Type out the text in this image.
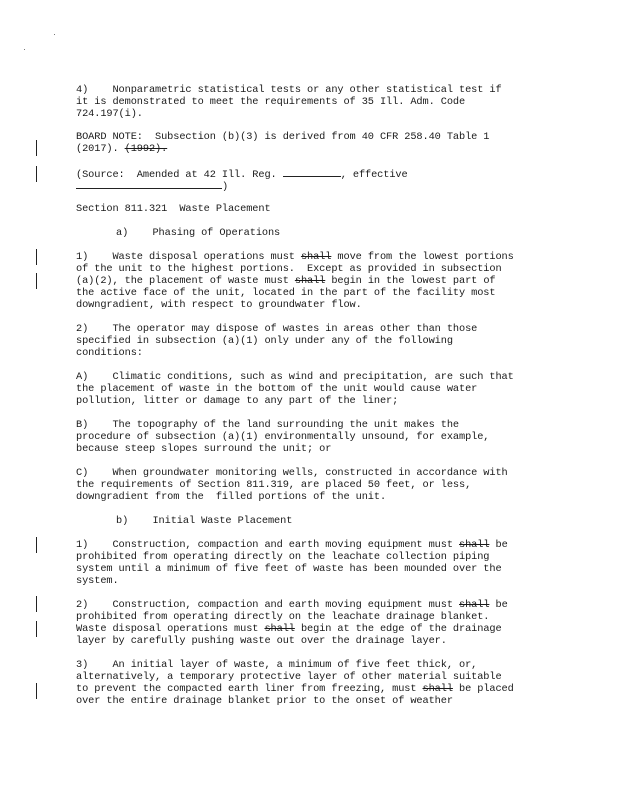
4)    Nonparametric statistical tests or any other statistical test if
it is demonstrated to meet the requirements of 35 Ill. Adm. Code
724.197(i).
BOARD NOTE:  Subsection (b)(3) is derived from 40 CFR 258.40 Table 1
(2017). (1992).
(Source:  Amended at 42 Ill. Reg.	, effective
)
Section 811.321  Waste Placement
a)    Phasing of Operations
1)    Waste disposal operations must shall move from the lowest portions
of the unit to the highest portions.  Except as provided in subsection
(a)(2), the placement of waste must shall begin in the lowest part of
the active face of the unit, located in the part of the facility most
downgradient, with respect to groundwater flow.
2)    The operator may dispose of wastes in areas other than those
specified in subsection (a)(1) only under any of the following
conditions:
A)    Climatic conditions, such as wind and precipitation, are such that
the placement of waste in the bottom of the unit would cause water
pollution, litter or damage to any part of the liner;
B)    The topography of the land surrounding the unit makes the
procedure of subsection (a)(1) environmentally unsound, for example,
because steep slopes surround the unit; or
C)    When groundwater monitoring wells, constructed in accordance with
the requirements of Section 811.319, are placed 50 feet, or less,
downgradient from the  filled portions of the unit.
b)    Initial Waste Placement
1)    Construction, compaction and earth moving equipment must shall be
prohibited from operating directly on the leachate collection piping
system until a minimum of five feet of waste has been mounded over the
system.
2)    Construction, compaction and earth moving equipment must shall be
prohibited from operating directly on the leachate drainage blanket.
Waste disposal operations must shall begin at the edge of the drainage
layer by carefully pushing waste out over the drainage layer.
3)    An initial layer of waste, a minimum of five feet thick, or,
alternatively, a temporary protective layer of other material suitable
to prevent the compacted earth liner from freezing, must shall be placed
over the entire drainage blanket prior to the onset of weather
